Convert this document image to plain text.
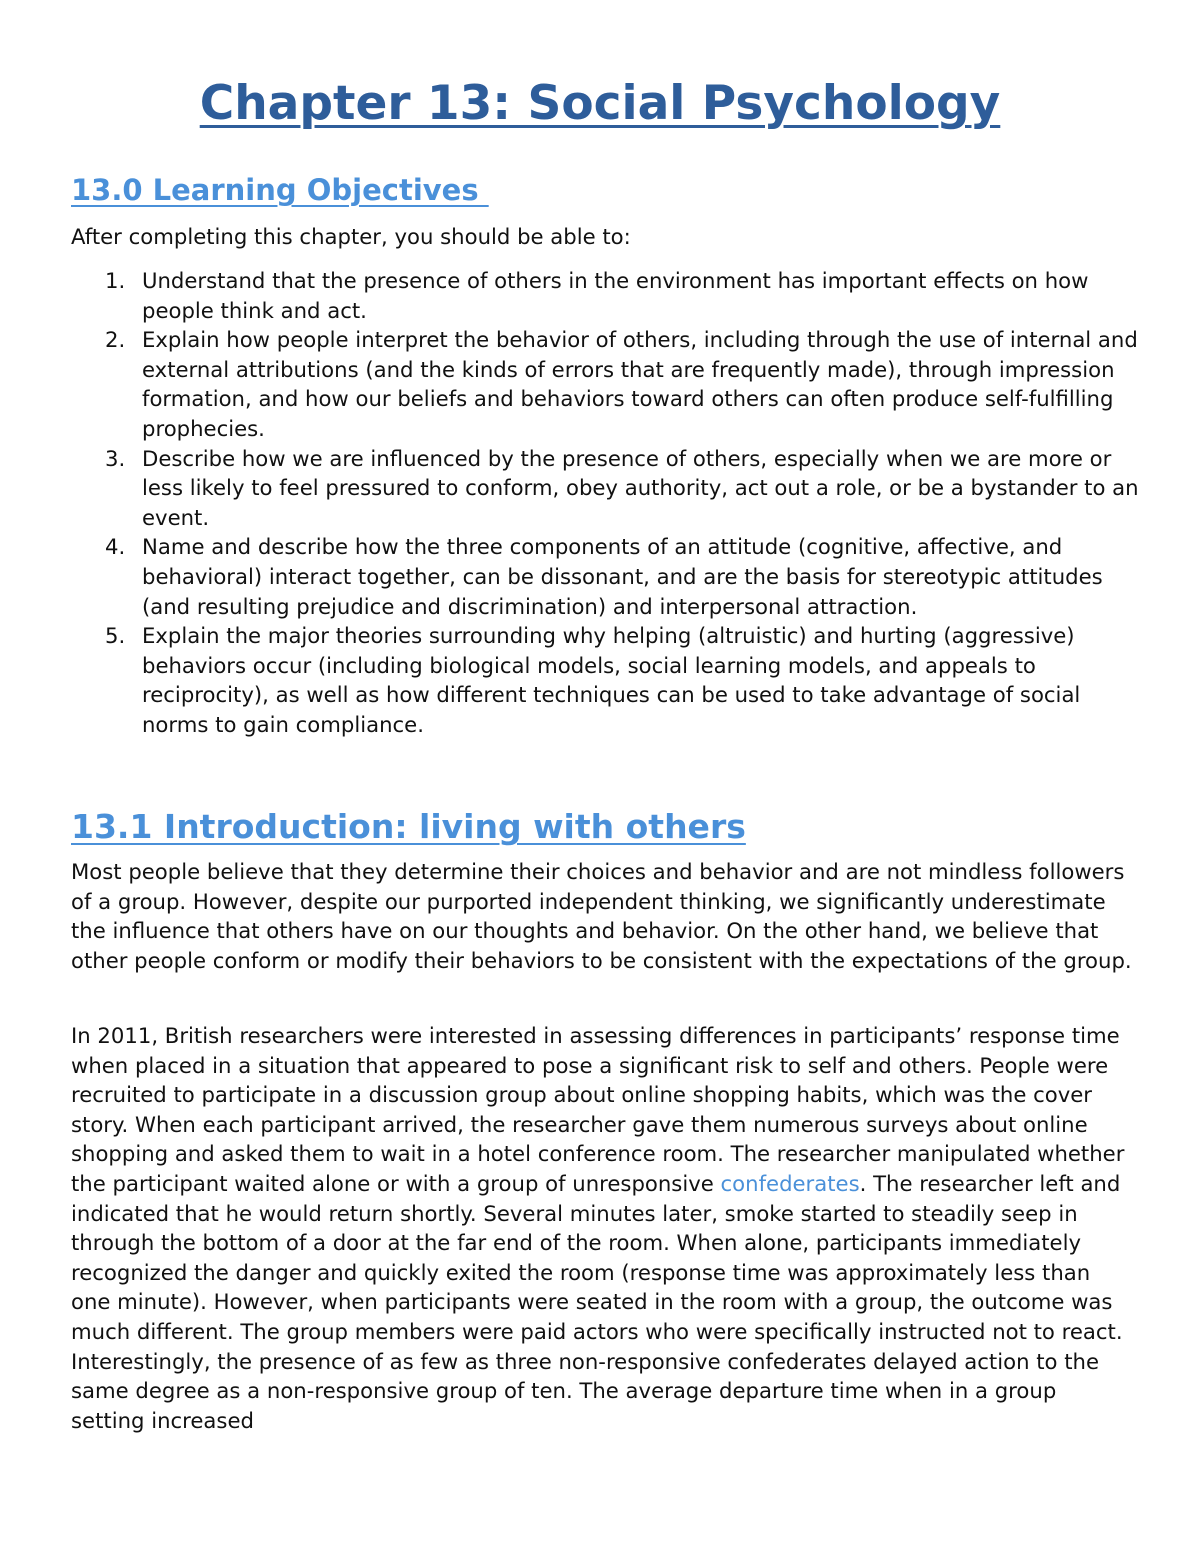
Chapter 13: Social Psychology
13.0 Learning Objectives

After completing this chapter, you should be able to:

1. Understand that the presence of others in the environment has important effects on how people think and act.
2. Explain how people interpret the behavior of others, including through the use of internal and external attributions (and the kinds of errors that are frequently made), through impression formation, and how our beliefs and behaviors toward others can often produce self-fulfilling prophecies.
3. Describe how we are influenced by the presence of others, especially when we are more or less likely to feel pressured to conform, obey authority, act out a role, or be a bystander to an event.
4. Name and describe how the three components of an attitude (cognitive, affective, and behavioral) interact together, can be dissonant, and are the basis for stereotypic attitudes (and resulting prejudice and discrimination) and interpersonal attraction.
5. Explain the major theories surrounding why helping (altruistic) and hurting (aggressive) behaviors occur (including biological models, social learning models, and appeals to reciprocity), as well as how different techniques can be used to take advantage of social norms to gain compliance.
13.1 Introduction: living with others

Most people believe that they determine their choices and behavior and are not mindless followers of a group. However, despite our purported independent thinking, we significantly underestimate the influence that others have on our thoughts and behavior. On the other hand, we believe that other people conform or modify their behaviors to be consistent with the expectations of the group.

In 2011, British researchers were interested in assessing differences in participants’ response time when placed in a situation that appeared to pose a significant risk to self and others. People were recruited to participate in a discussion group about online shopping habits, which was the cover story. When each participant arrived, the researcher gave them numerous surveys about online shopping and asked them to wait in a hotel conference room. The researcher manipulated whether the participant waited alone or with a group of unresponsive confederates. The researcher left and indicated that he would return shortly. Several minutes later, smoke started to steadily seep in through the bottom of a door at the far end of the room. When alone, participants immediately recognized the danger and quickly exited the room (response time was approximately less than one minute). However, when participants were seated in the room with a group, the outcome was much different. The group members were paid actors who were specifically instructed not to react. Interestingly, the presence of as few as three non-responsive confederates delayed action to the same degree as a non-responsive group of ten. The average departure time when in a group setting increased
